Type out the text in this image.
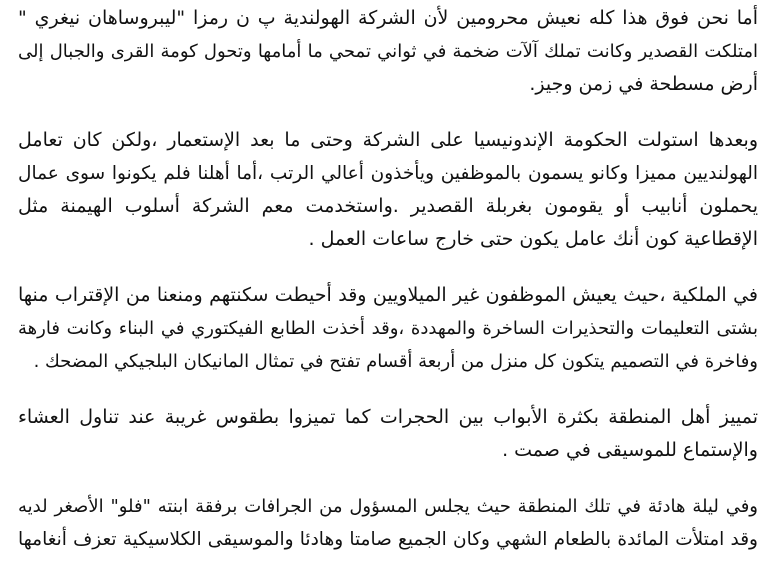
أما نحن فوق هذا كله نعيش محرومين لأن الشركة الهولندية پ ن رمزا "ليبروساهان نيغري "
امتلكت القصدير وكانت تملك آلآت ضخمة في ثواني تمحي ما أمامها وتحول كومة القرى والجبال إلى
أرض مسطحة في زمن وجيز.
وبعدها استولت الحكومة الإندونيسيا على الشركة وحتى ما بعد الإستعمار ،ولكن كان تعامل
الهولنديين مميزا وكانو يسمون بالموظفين ويأخذون أعالي الرتب ،أما أهلنا فلم يكونوا سوى عمال
يحملون أنابيب أو يقومون بغربلة القصدير .واستخدمت معم الشركة أسلوب الهيمنة مثل
الإقطاعية كون أنك عامل يكون حتى خارج ساعات العمل .
في الملكية ،حيث يعيش الموظفون غير الميلاويين وقد أحيطت سكنتهم ومنعنا من الإقتراب منها
بشتى التعليمات والتحذيرات الساخرة والمهددة ،وقد أخذت الطابع الفيكتوري في البناء وكانت فارهة
وفاخرة في التصميم يتكون كل منزل من أربعة أقسام تفتح في تمثال المانيكان البلجيكي المضحك .
تمييز أهل المنطقة بكثرة الأبواب بين الحجرات كما تميزوا بطقوس غريبة عند تناول العشاء
والإستماع للموسيقى في صمت .
وفي ليلة هادئة في تلك المنطقة حيث يجلس المسؤول من الجرافات برفقة ابنته "فلو" الأصغر لديه
وقد امتلأت المائدة بالطعام الشهي وكان الجميع صامتا وهادئا والموسيقى الكلاسيكية تعزف أنغامها
